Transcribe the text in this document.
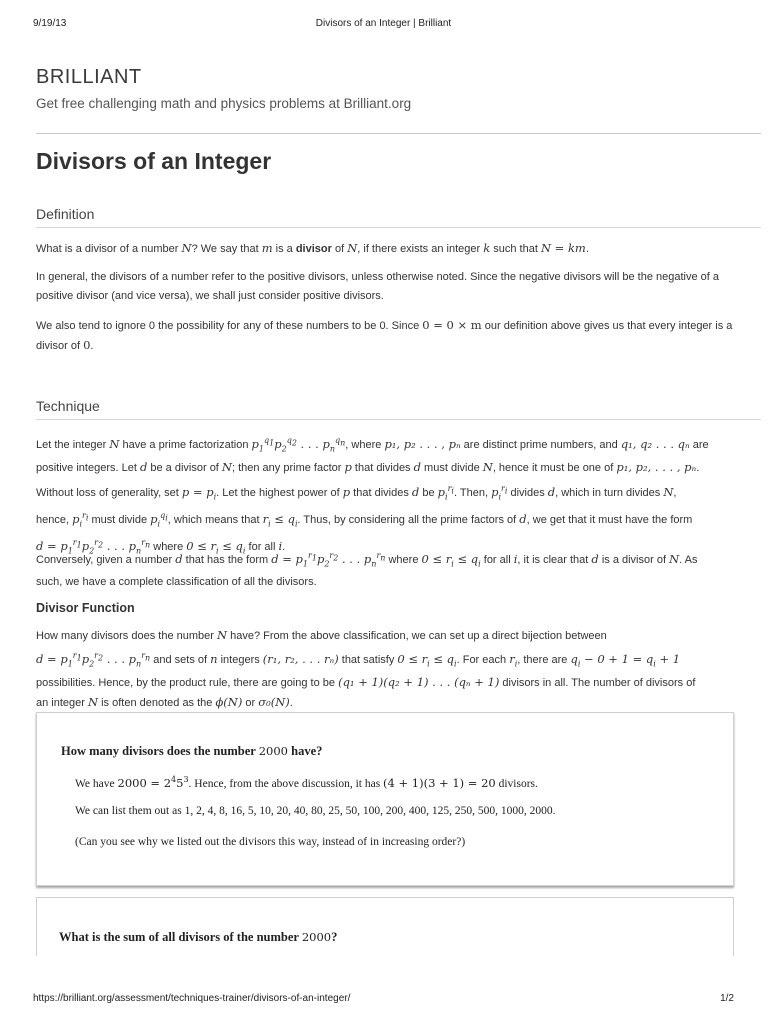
9/19/13	Divisors of an Integer | Brilliant
BRILLIANT
Get free challenging math and physics problems at Brilliant.org
Divisors of an Integer
Definition
What is a divisor of a number N? We say that m is a divisor of N, if there exists an integer k such that N = km.
In general, the divisors of a number refer to the positive divisors, unless otherwise noted. Since the negative divisors will be the negative of a positive divisor (and vice versa), we shall just consider positive divisors.
We also tend to ignore 0 the possibility for any of these numbers to be 0. Since 0 = 0 × m our definition above gives us that every integer is a divisor of 0.
Technique
Let the integer N have a prime factorization $p_1^{q_1}p_2^{q_2}$ . . . $p_n^{q_n}$, where p₁, p₂ . . . , pₙ are distinct prime numbers, and q₁, q₂ . . . qₙ are
positive integers. Let d be a divisor of N; then any prime factor p that divides d must divide N, hence it must be one of p₁, p₂, . . . , pₙ.
Without loss of generality, set $p = p_i$. Let the highest power of p that divides d be $p_i^{r_i}$. Then, $p_i^{r_i}$ divides d, which in turn divides N,
hence, $p_i^{r_i}$ must divide $p_i^{q_i}$, which means that $r_i \le q_i$. Thus, by considering all the prime factors of d, we get that it must have the form
$d = p_1^{r_1}p_2^{r_2}$ . . . $p_n^{r_n}$ where $0 \le r_i \le q_i$ for all i.
Conversely, given a number d that has the form $d = p_1^{r_1}p_2^{r_2}$ . . . $p_n^{r_n}$ where $0 \le r_i \le q_i$ for all i, it is clear that d is a divisor of N. As
such, we have a complete classification of all the divisors.
Divisor Function
How many divisors does the number N have? From the above classification, we can set up a direct bijection between
$d = p_1^{r_1}p_2^{r_2}$ . . . $p_n^{r_n}$ and sets of n integers (r₁, r₂, . . . rₙ) that satisfy $0 \le r_i \le q_i$. For each $r_i$, there are $q_i - 0 + 1 = q_i + 1$
possibilities. Hence, by the product rule, there are going to be (q₁ + 1)(q₂ + 1) . . . (qₙ + 1) divisors in all. The number of divisors of
an integer N is often denoted as the ϕ(N) or σ₀(N).
How many divisors does the number 2000 have?
We have $2000 = 2^45^3$. Hence, from the above discussion, it has (4 + 1)(3 + 1) = 20 divisors.
We can list them out as 1, 2, 4, 8, 16, 5, 10, 20, 40, 80, 25, 50, 100, 200, 400, 125, 250, 500, 1000, 2000.
(Can you see why we listed out the divisors this way, instead of in increasing order?)
What is the sum of all divisors of the number 2000?
https://brilliant.org/assessment/techniques-trainer/divisors-of-an-integer/	1/2
